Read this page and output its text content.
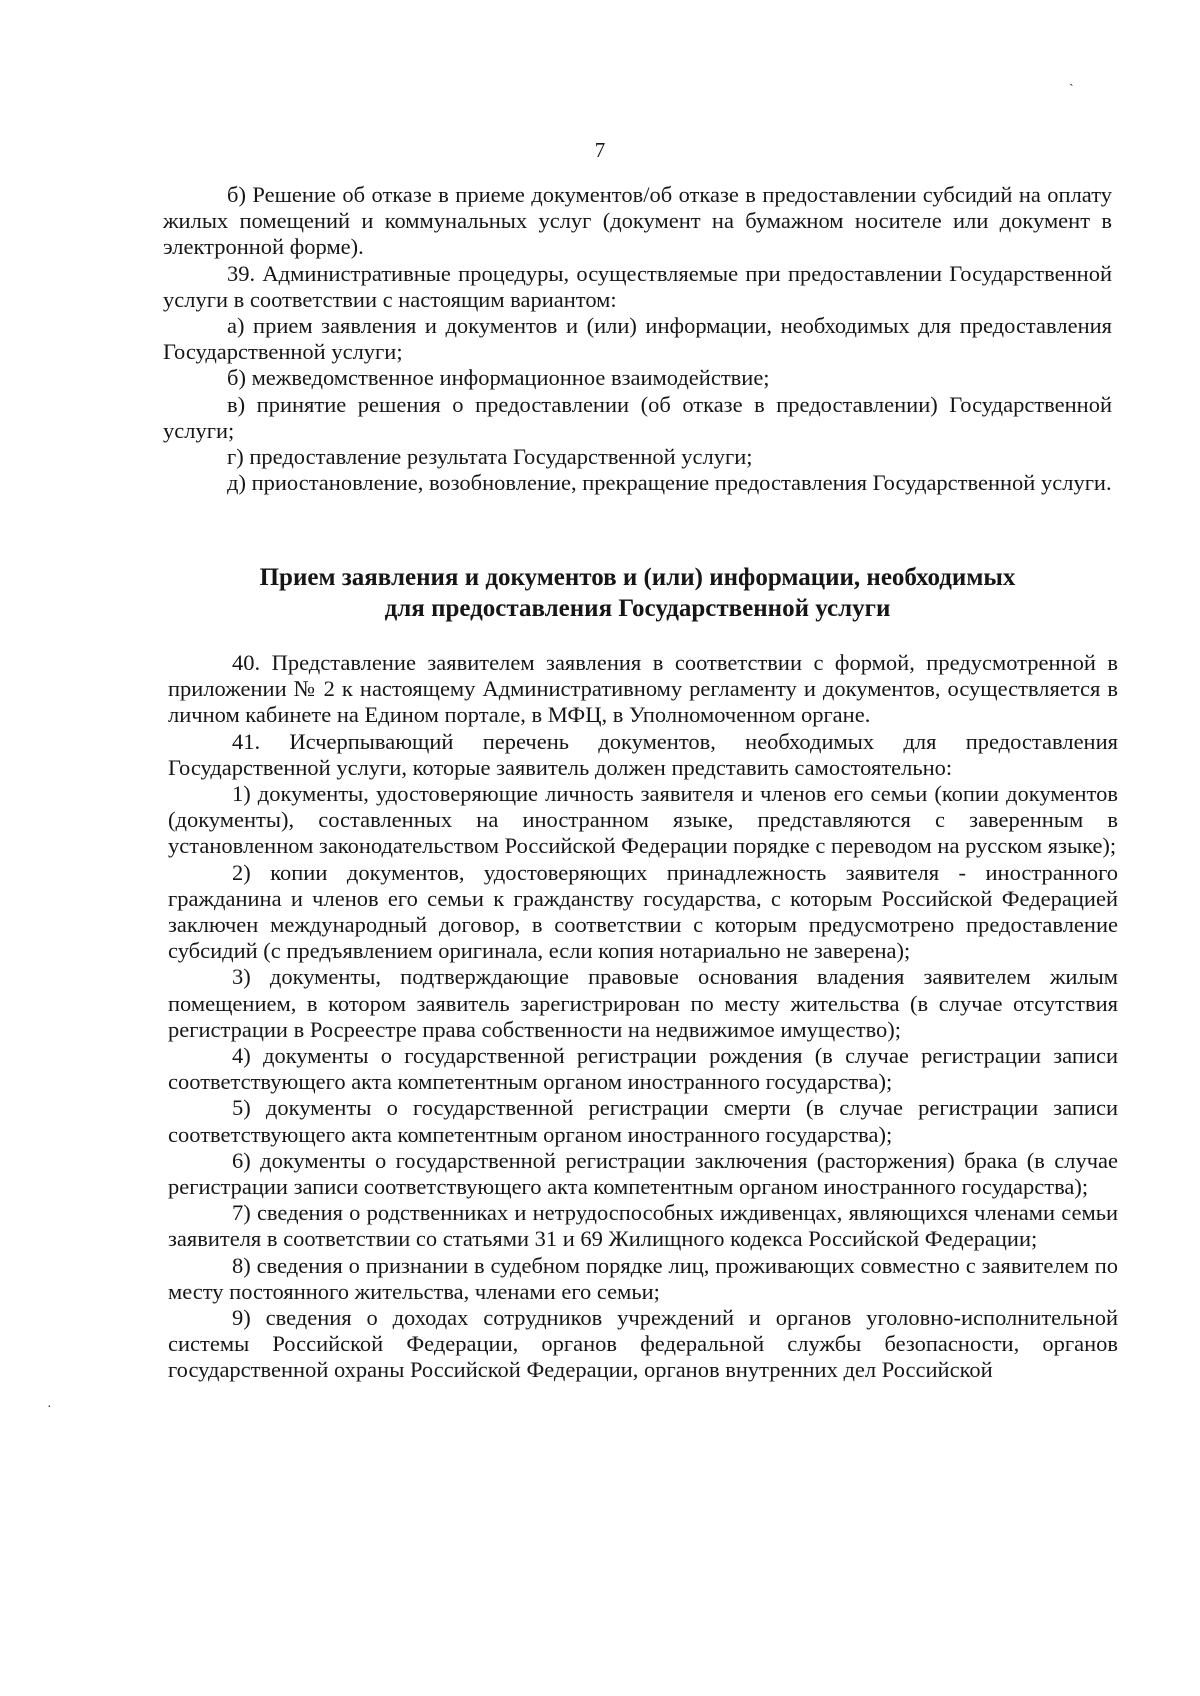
ˎ
·
7

б) Решение об отказе в приеме документов/об отказе в предоставлении субсидий на оплату жилых помещений и коммунальных услуг (документ на бумажном носителе или документ в электронной форме).

39. Административные процедуры, осуществляемые при предоставлении Государственной услуги в соответствии с настоящим вариантом:

а) прием заявления и документов и (или) информации, необходимых для предоставления Государственной услуги;

б) межведомственное информационное взаимодействие;

в) принятие решения о предоставлении (об отказе в предоставлении) Государственной услуги;

г) предоставление результата Государственной услуги;

д) приостановление, возобновление, прекращение предоставления Государственной услуги.

Прием заявления и документов и (или) информации, необходимых
для предоставления Государственной услуги

40. Представление заявителем заявления в соответствии с формой, предусмотренной в приложении № 2 к настоящему Административному регламенту и документов, осуществляется в личном кабинете на Едином портале, в МФЦ, в Уполномоченном органе.

41. Исчерпывающий перечень документов, необходимых для предоставления Государственной услуги, которые заявитель должен представить самостоятельно:

1) документы, удостоверяющие личность заявителя и членов его семьи (копии документов (документы), составленных на иностранном языке, представляются с заверенным в установленном законодательством Российской Федерации порядке с переводом на русском языке);

2) копии документов, удостоверяющих принадлежность заявителя - иностранного гражданина и членов его семьи к гражданству государства, с которым Российской Федерацией заключен международный договор, в соответствии с которым предусмотрено предоставление субсидий (с предъявлением оригинала, если копия нотариально не заверена);

3) документы, подтверждающие правовые основания владения заявителем жилым помещением, в котором заявитель зарегистрирован по месту жительства (в случае отсутствия регистрации в Росреестре права собственности на недвижимое имущество);

4) документы о государственной регистрации рождения (в случае регистрации записи соответствующего акта компетентным органом иностранного государства);

5) документы о государственной регистрации смерти (в случае регистрации записи соответствующего акта компетентным органом иностранного государства);

6) документы о государственной регистрации заключения (расторжения) брака (в случае регистрации записи соответствующего акта компетентным органом иностранного государства);

7) сведения о родственниках и нетрудоспособных иждивенцах, являющихся членами семьи заявителя в соответствии со статьями 31 и 69 Жилищного кодекса Российской Федерации;

8) сведения о признании в судебном порядке лиц, проживающих совместно с заявителем по месту постоянного жительства, членами его семьи;

9) сведения о доходах сотрудников учреждений и органов уголовно-исполнительной системы Российской Федерации, органов федеральной службы безопасности, органов государственной охраны Российской Федерации, органов внутренних дел Российской
